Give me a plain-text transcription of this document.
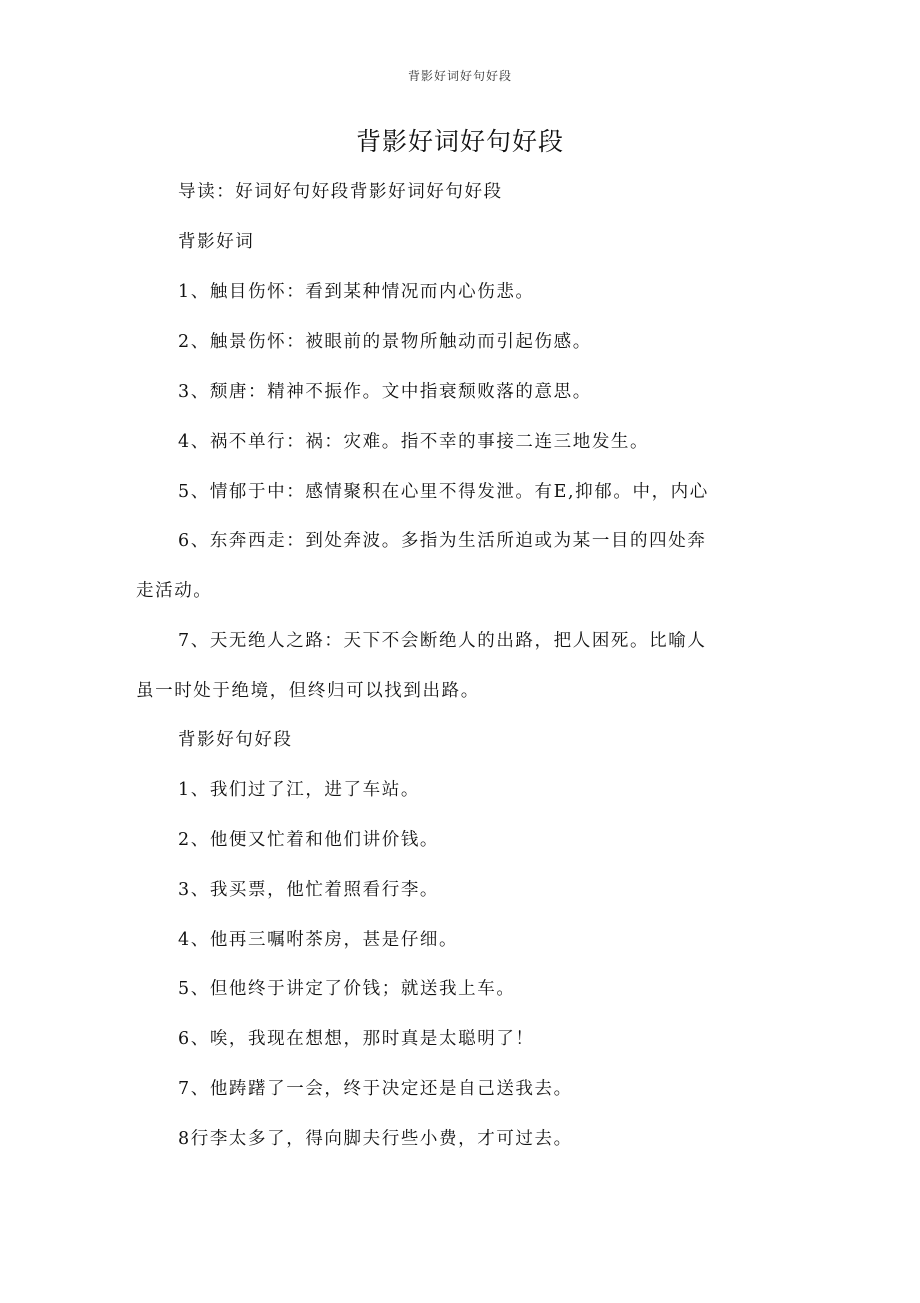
背影好词好句好段
背影好词好句好段
导读：好词好句好段背影好词好句好段
背影好词
1、触目伤怀：看到某种情况而内心伤悲。
2、触景伤怀：被眼前的景物所触动而引起伤感。
3、颓唐：精神不振作。文中指衰颓败落的意思。
4、祸不单行：祸：灾难。指不幸的事接二连三地发生。
5、情郁于中：感情聚积在心里不得发泄。有E,抑郁。中，内心
6、东奔西走：到处奔波。多指为生活所迫或为某一目的四处奔
走活动。
7、天无绝人之路：天下不会断绝人的出路，把人困死。比喻人
虽一时处于绝境，但终归可以找到出路。
背影好句好段
1、我们过了江，进了车站。
2、他便又忙着和他们讲价钱。
3、我买票，他忙着照看行李。
4、他再三嘱咐茶房，甚是仔细。
5、但他终于讲定了价钱；就送我上车。
6、唉，我现在想想，那时真是太聪明了！
7、他踌躇了一会，终于决定还是自己送我去。
8行李太多了，得向脚夫行些小费，才可过去。
